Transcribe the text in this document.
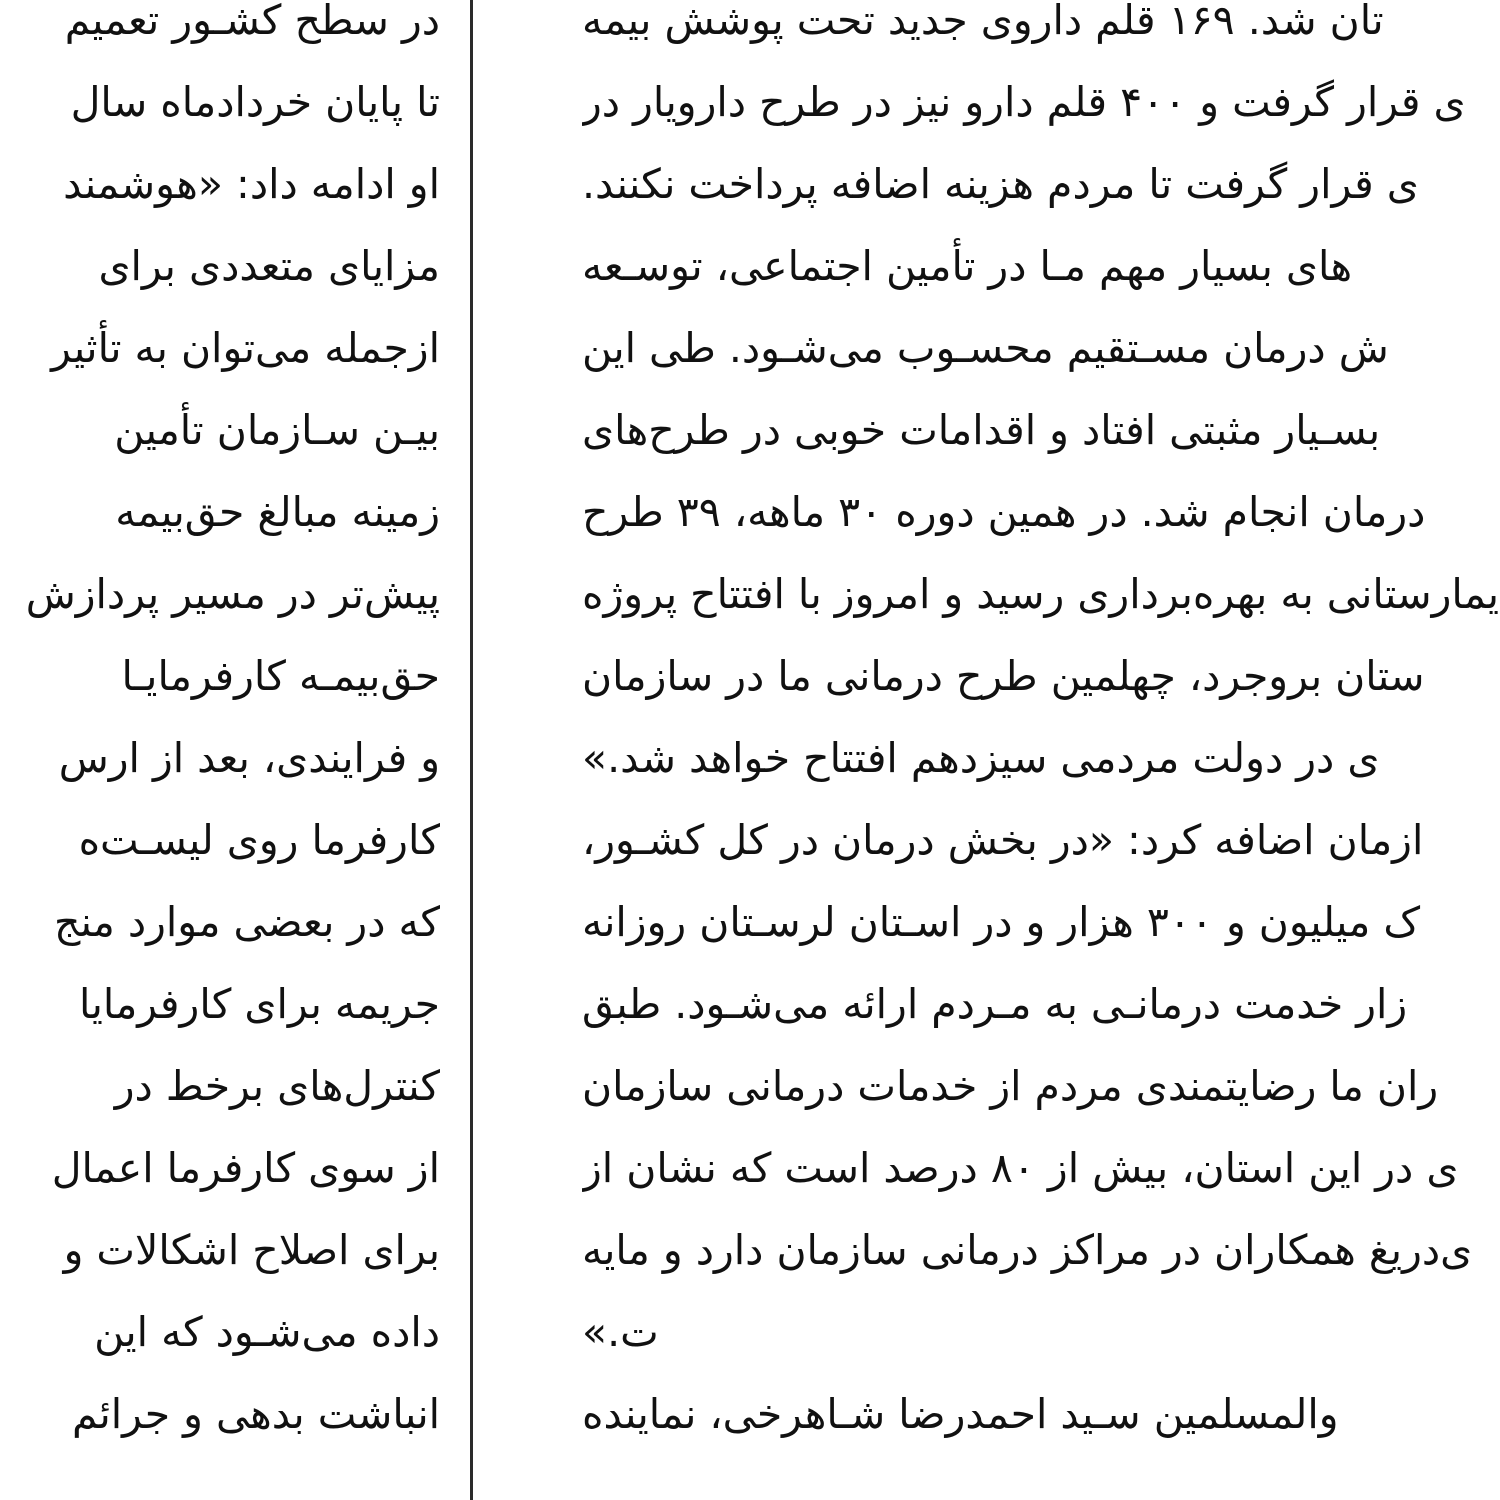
در سطح کشـور تعمیم
تا پایان خردادماه سال
او ادامه داد: «هوشمند
مزایای متعددی برای
ازجمله می‌توان به تأثیر
بیـن سـازمان تأمین
زمینه مبالغ حق‌بیمه
پیش‌تر در مسیر پردازش
حق‌بیمـه کارفرمایـا
و فرایندی، بعد از ارس
کارفرما روی لیسـت‌ه
که در بعضی موارد منج
جریمه برای کارفرمایا
کنترل‌های برخط در
از سوی کارفرما اعمال
برای اصلاح اشکالات و
داده می‌شـود که این
انباشت بدهی و جرائم
تان شد. ۱۶۹ قلم داروی جدید تحت پوشش بیمه
ی قرار گرفت و ۴۰۰ قلم دارو نیز در طرح دارویار در
ی قرار گرفت تا مردم هزینه اضافه پرداخت نکنند.
‌های بسیار مهم مـا در تأمین اجتماعی، توسـعه
ش درمان مسـتقیم محسـوب می‌شـود. طی این
بسـیار مثبتی افتاد و اقدامات خوبی در طرح‌های
درمان انجام شد. در همین دوره ۳۰ ماهه، ۳۹ طرح
یمارستانی به بهره‌برداری رسید و امروز با افتتاح پروژه
ستان بروجرد، چهلمین طرح درمانی ما در سازمان
ی در دولت مردمی سیزدهم افتتاح خواهد شد.»
ازمان اضافه کرد: «در بخش درمان در کل کشـور،
ک میلیون و ۳۰۰ هزار و در اسـتان لرسـتان روزانه
زار خدمت درمانـی به مـردم ارائه می‌شـود. طبق
ران ما رضایتمندی مردم از خدمات درمانی سازمان
ی در این استان، بیش از ۸۰ درصد است که نشان از
ی‌دریغ همکاران در مراکز درمانی سازمان دارد و مایه
ت.»
والمسلمین سـید احمدرضا شـاهرخی، نماینده
